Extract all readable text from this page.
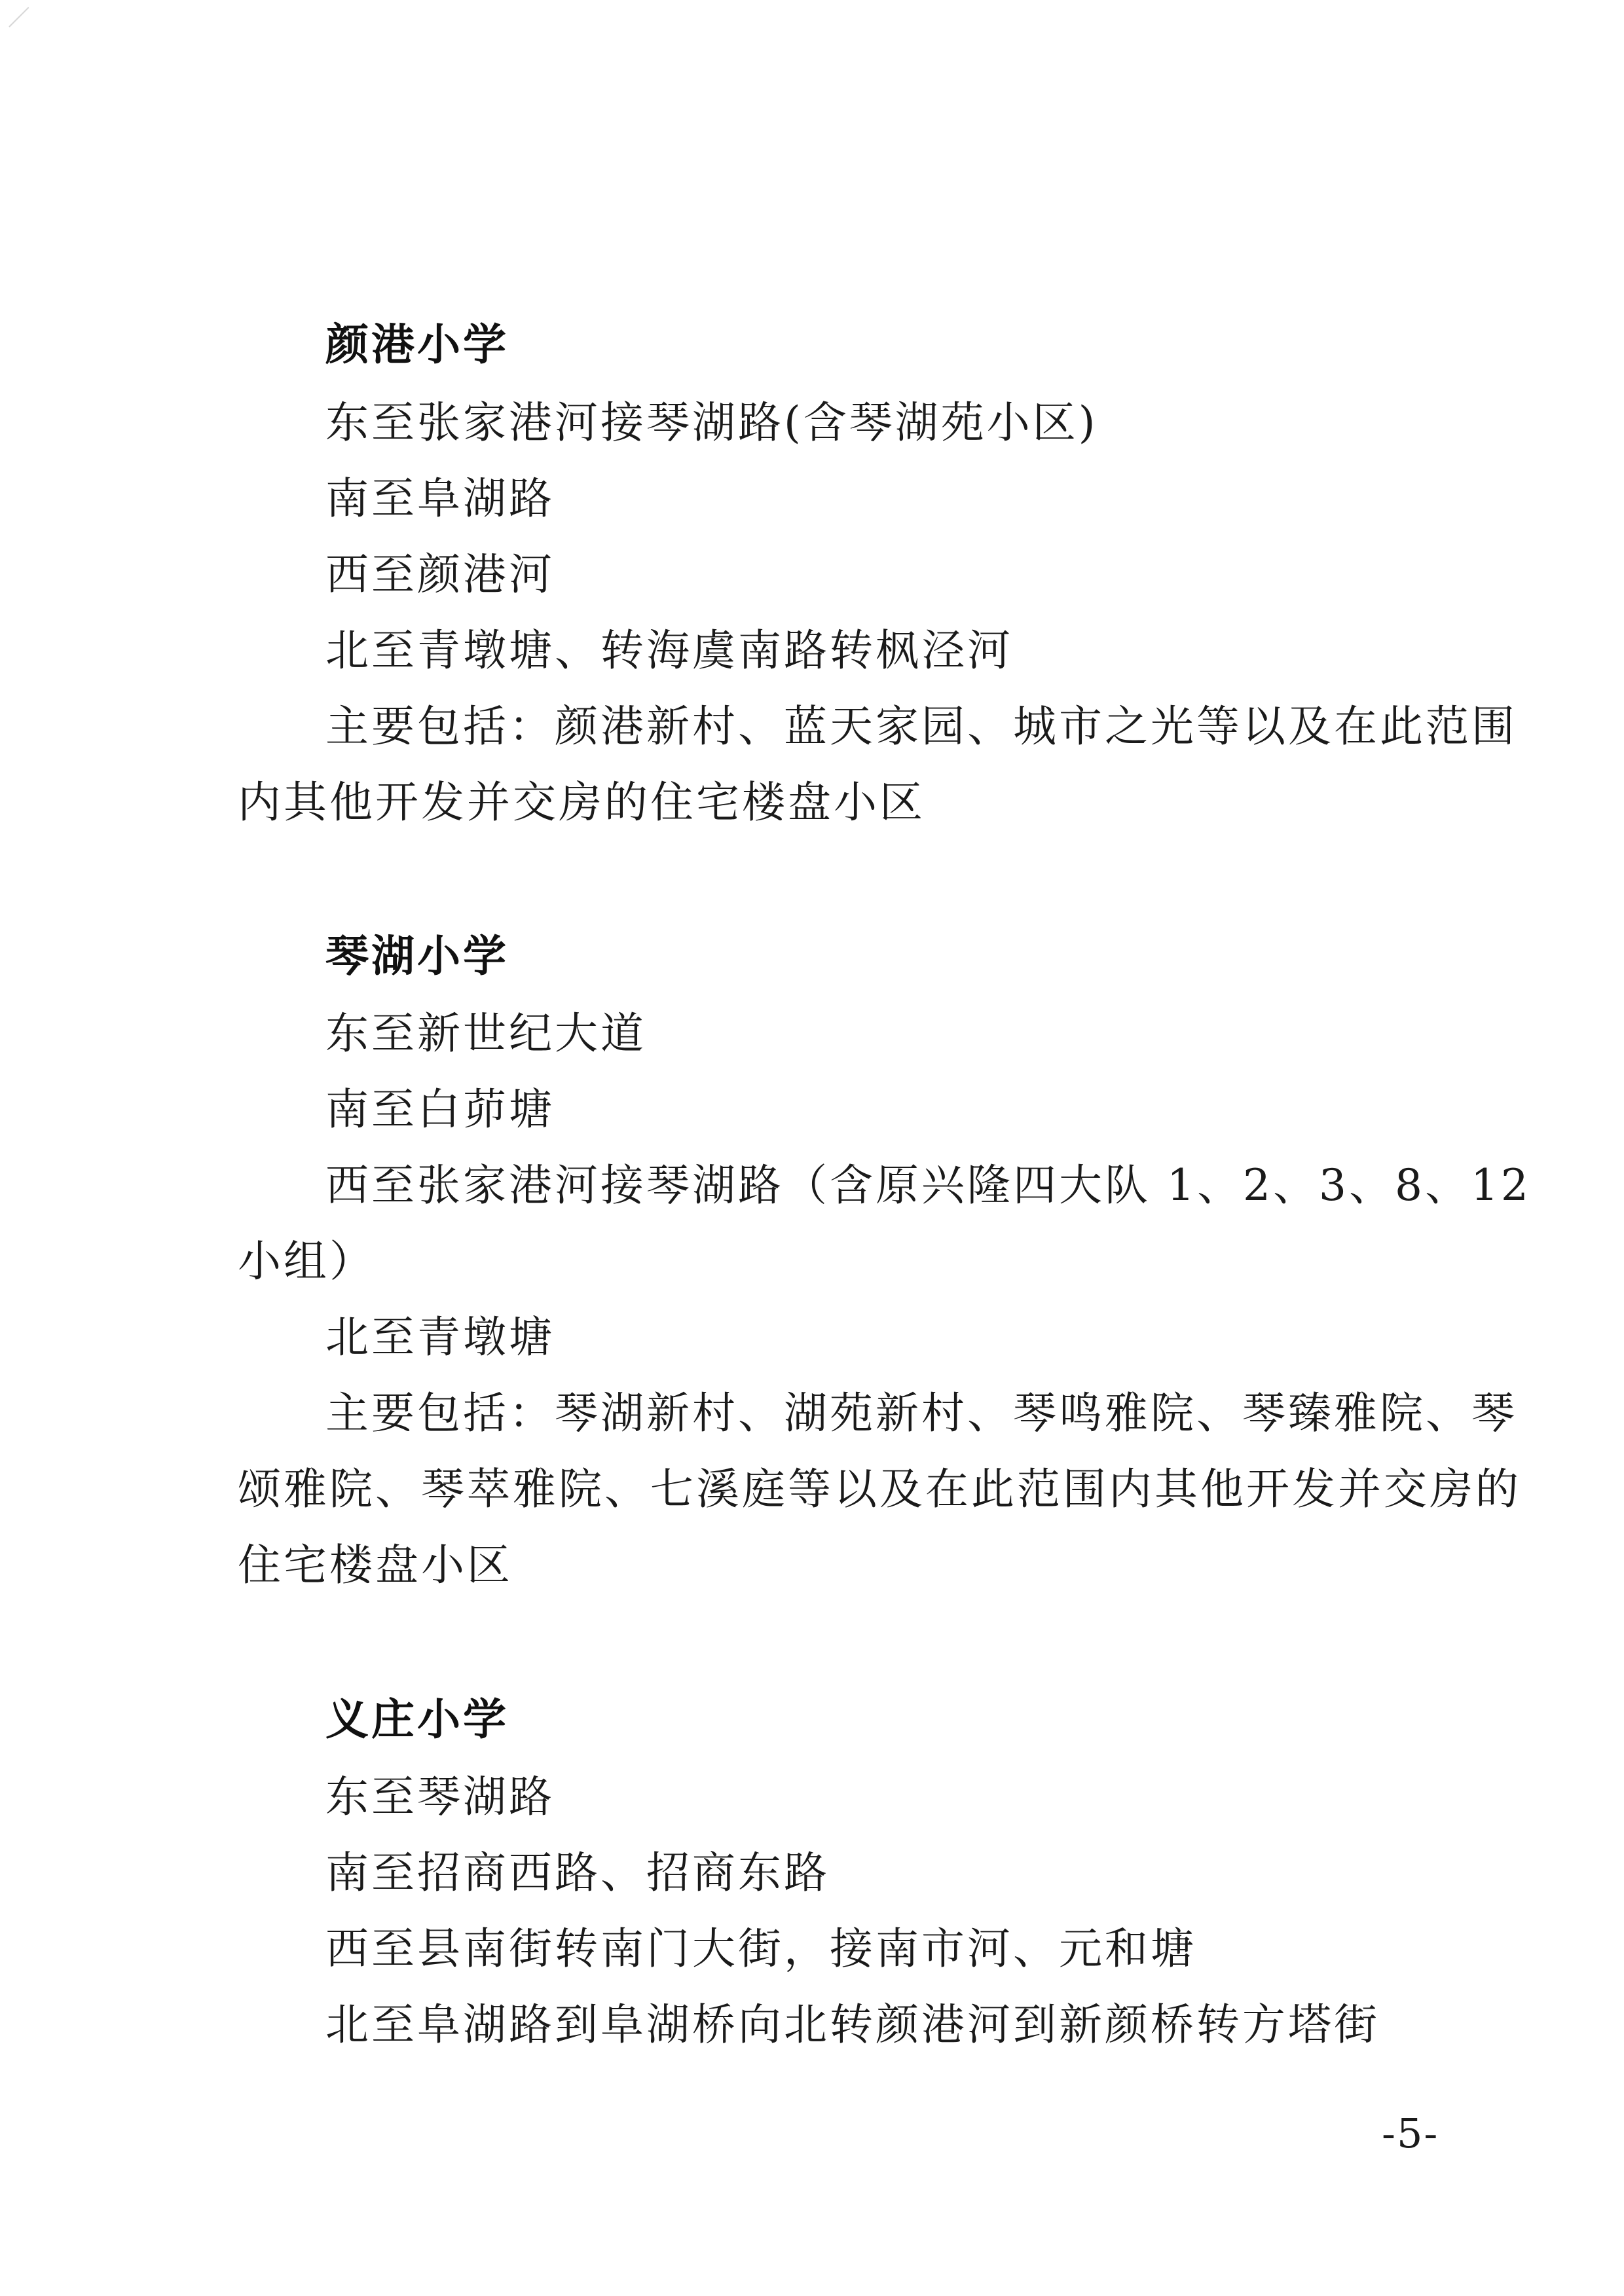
颜港小学

东至张家港河接琴湖路(含琴湖苑小区)

南至阜湖路

西至颜港河

北至青墩塘、转海虞南路转枫泾河

主要包括：颜港新村、蓝天家园、城市之光等以及在此范围

内其他开发并交房的住宅楼盘小区

琴湖小学

东至新世纪大道

南至白茆塘

西至张家港河接琴湖路（含原兴隆四大队 1、2、3、8、12

小组）

北至青墩塘

主要包括：琴湖新村、湖苑新村、琴鸣雅院、琴臻雅院、琴

颂雅院、琴萃雅院、七溪庭等以及在此范围内其他开发并交房的

住宅楼盘小区

义庄小学

东至琴湖路

南至招商西路、招商东路

西至县南街转南门大街，接南市河、元和塘

北至阜湖路到阜湖桥向北转颜港河到新颜桥转方塔街

-5-
